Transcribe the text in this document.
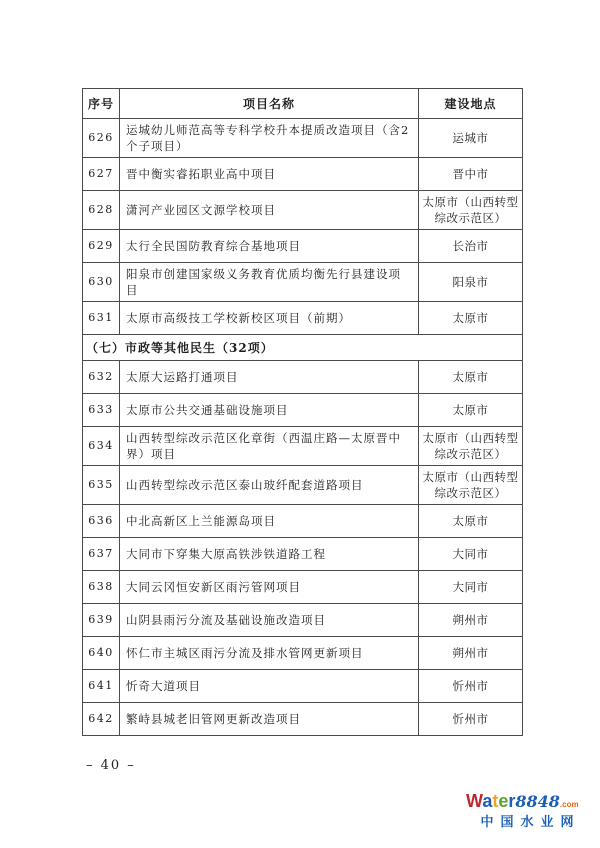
序号	项目名称	建设地点
626	运城幼儿师范高等专科学校升本提质改造项目（含2个子项目）	运城市
627	晋中衡实睿拓职业高中项目	晋中市
628	潇河产业园区文源学校项目	太原市（山西转型综改示范区）
629	太行全民国防教育综合基地项目	长治市
630	阳泉市创建国家级义务教育优质均衡先行县建设项目	阳泉市
631	太原市高级技工学校新校区项目（前期）	太原市
（七）市政等其他民生（32项）		
632	太原大运路打通项目	太原市
633	太原市公共交通基础设施项目	太原市
634	山西转型综改示范区化章街（西温庄路—太原晋中界）项目	太原市（山西转型综改示范区）
635	山西转型综改示范区泰山玻纤配套道路项目	太原市（山西转型综改示范区）
636	中北高新区上兰能源岛项目	太原市
637	大同市下穿集大原高铁涉铁道路工程	大同市
638	大同云冈恒安新区雨污管网项目	大同市
639	山阴县雨污分流及基础设施改造项目	朔州市
640	怀仁市主城区雨污分流及排水管网更新项目	朔州市
641	忻奇大道项目	忻州市
642	繁峙县城老旧管网更新改造项目	忻州市
– 40 –
Water8848.com
中国水业网
